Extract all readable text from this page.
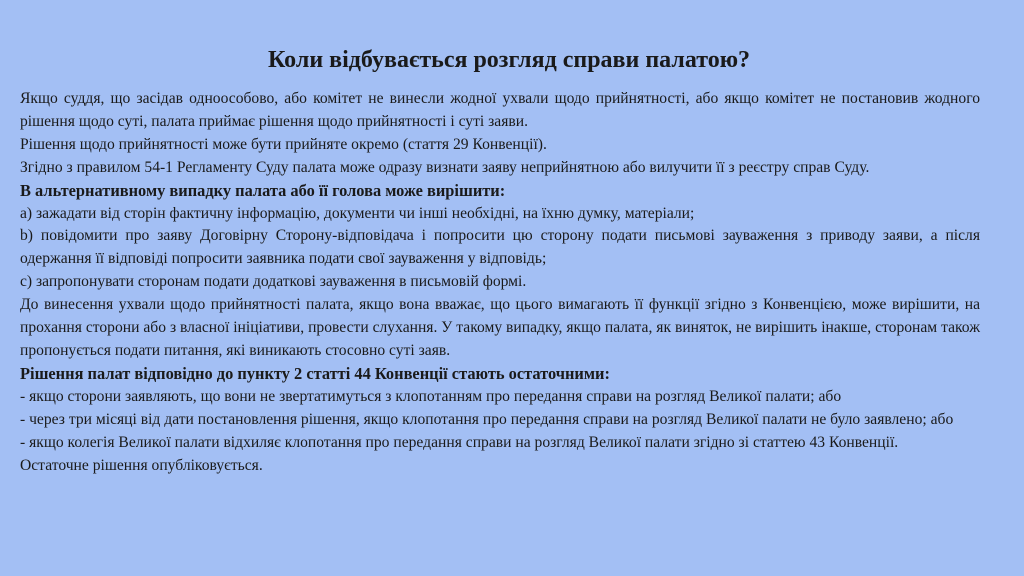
Коли відбувається розгляд справи палатою?

Якщо суддя, що засідав одноособово, або комітет не винесли жодної ухвали щодо прийнятності, або якщо комітет не постановив жодного рішення щодо суті, палата приймає рішення щодо прийнятності і суті заяви.

Рішення щодо прийнятності може бути прийняте окремо (стаття 29 Конвенції).

Згідно з правилом 54-1 Регламенту Суду палата може одразу визнати заяву неприйнятною або вилучити її з реєстру справ Суду.

В альтернативному випадку палата або її голова може вирішити:

а) зажадати від сторін фактичну інформацію, документи чи інші необхідні, на їхню думку, матеріали;

b) повідомити про заяву Договірну Сторону-відповідача і попросити цю сторону подати письмові зауваження з приводу заяви, а після одержання її відповіді попросити заявника подати свої зауваження у відповідь;

c) запропонувати сторонам подати додаткові зауваження в письмовій формі.

До винесення ухвали щодо прийнятності палата, якщо вона вважає, що цього вимагають її функції згідно з Конвенцією, може вирішити, на прохання сторони або з власної ініціативи, провести слухання. У такому випадку, якщо палата, як виняток, не вирішить інакше, сторонам також пропонується подати питання, які виникають стосовно суті заяв.

Рішення палат відповідно до пункту 2 статті 44 Конвенції стають остаточними:

- якщо сторони заявляють, що вони не звертатимуться з клопотанням про передання справи на розгляд Великої палати; або

- через три місяці від дати постановлення рішення, якщо клопотання про передання справи на розгляд Великої палати не було заявлено; або

- якщо колегія Великої палати відхиляє клопотання про передання справи на розгляд Великої палати згідно зі статтею 43 Конвенції.

Остаточне рішення опубліковується.
